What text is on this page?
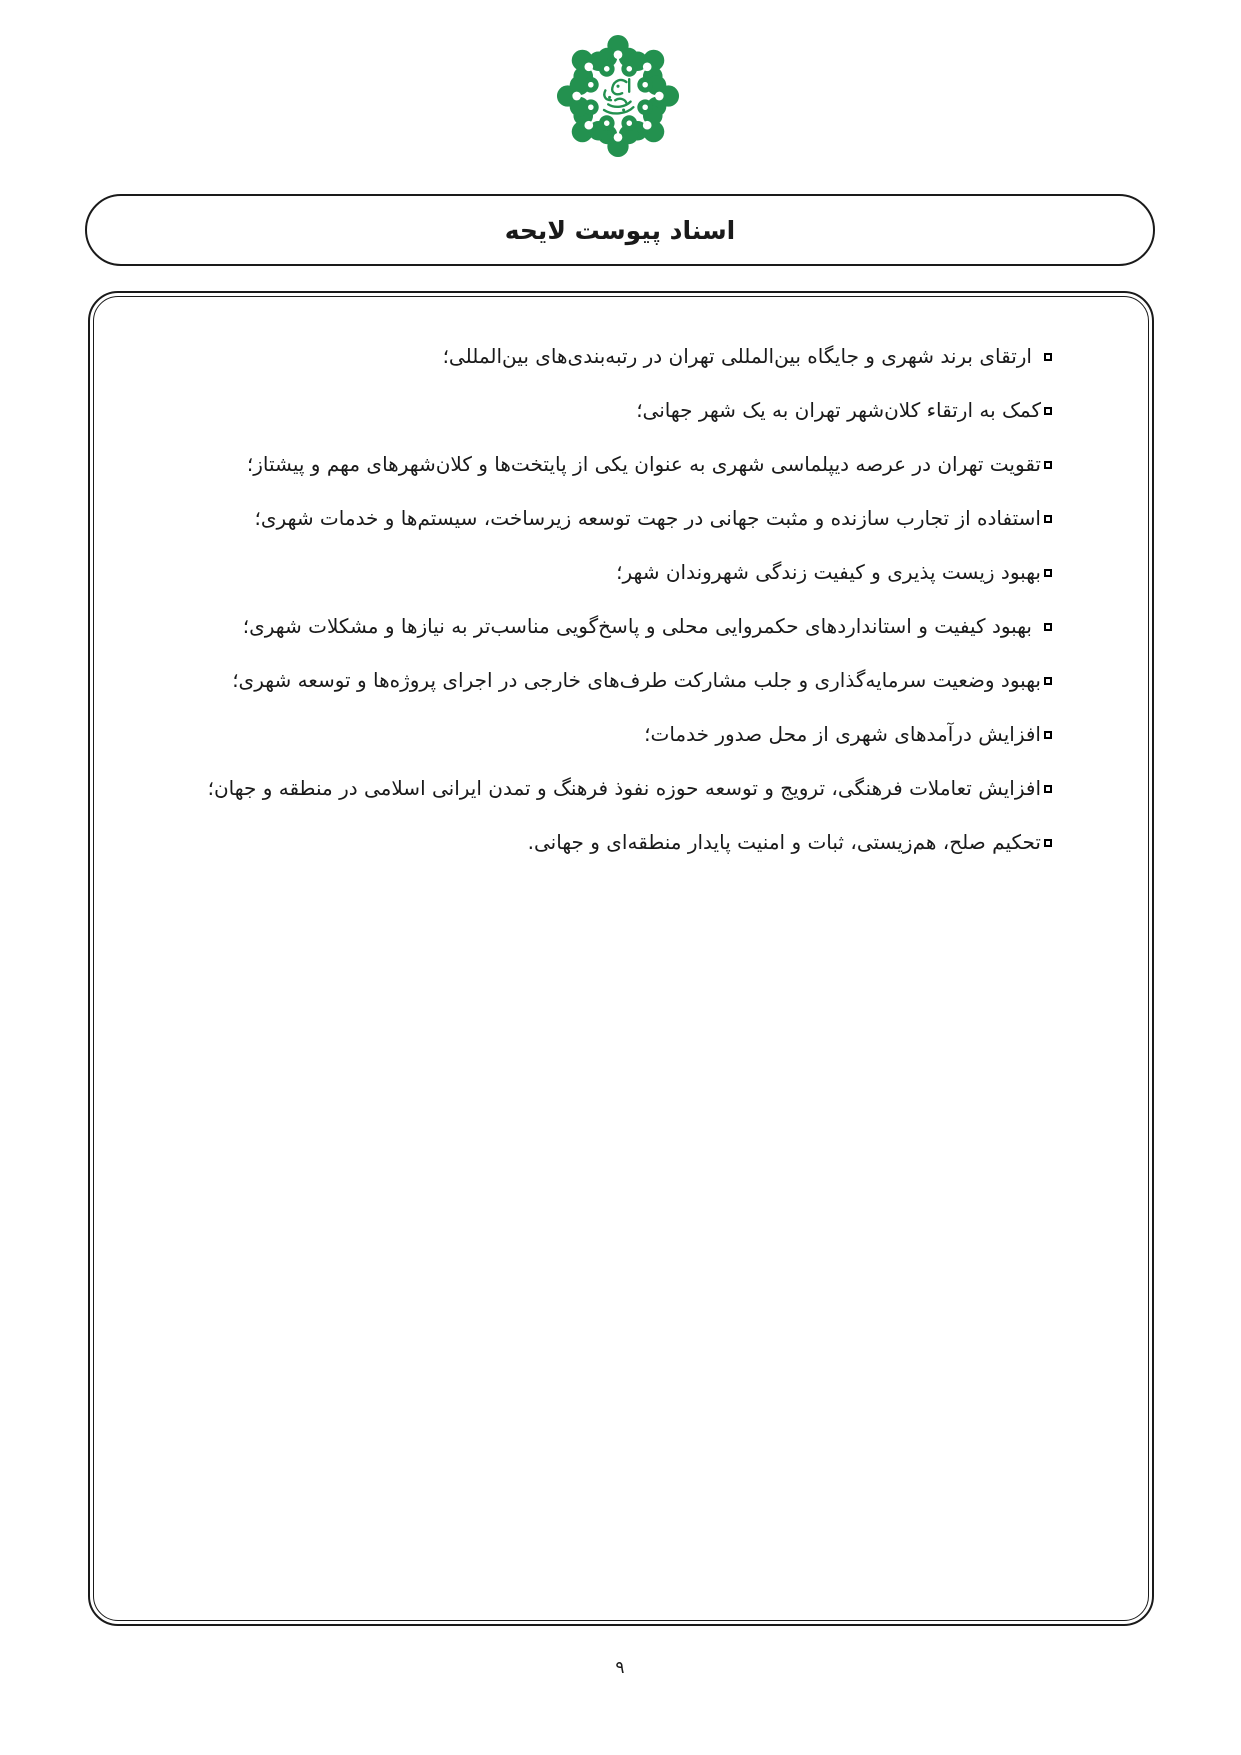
اسناد پیوست لایحه
ارتقای برند شهری و جایگاه بین‌المللی تهران در رتبه‌بندی‌های بین‌المللی؛
کمک به ارتقاء کلان‌شهر تهران به یک شهر جهانی؛
تقویت تهران در عرصه دیپلماسی شهری به عنوان یکی از پایتخت‌ها و کلان‌شهرهای مهم و پیشتاز؛
استفاده از تجارب سازنده و مثبت جهانی در جهت توسعه زیرساخت، سیستم‌ها و خدمات شهری؛
بهبود زیست پذیری و کیفیت زندگی شهروندان شهر؛
بهبود کیفیت و استانداردهای حکمروایی محلی و پاسخ‌گویی مناسب‌تر به نیازها و مشکلات شهری؛
بهبود وضعیت سرمایه‌گذاری و جلب مشارکت طرف‌های خارجی در اجرای پروژه‌ها و توسعه شهری؛
افزایش درآمدهای شهری از محل صدور خدمات؛
افزایش تعاملات فرهنگی، ترویج و توسعه حوزه نفوذ فرهنگ و تمدن ایرانی اسلامی در منطقه و جهان؛
تحکیم صلح، هم‌زیستی، ثبات و امنیت پایدار منطقه‌ای و جهانی.
۹
